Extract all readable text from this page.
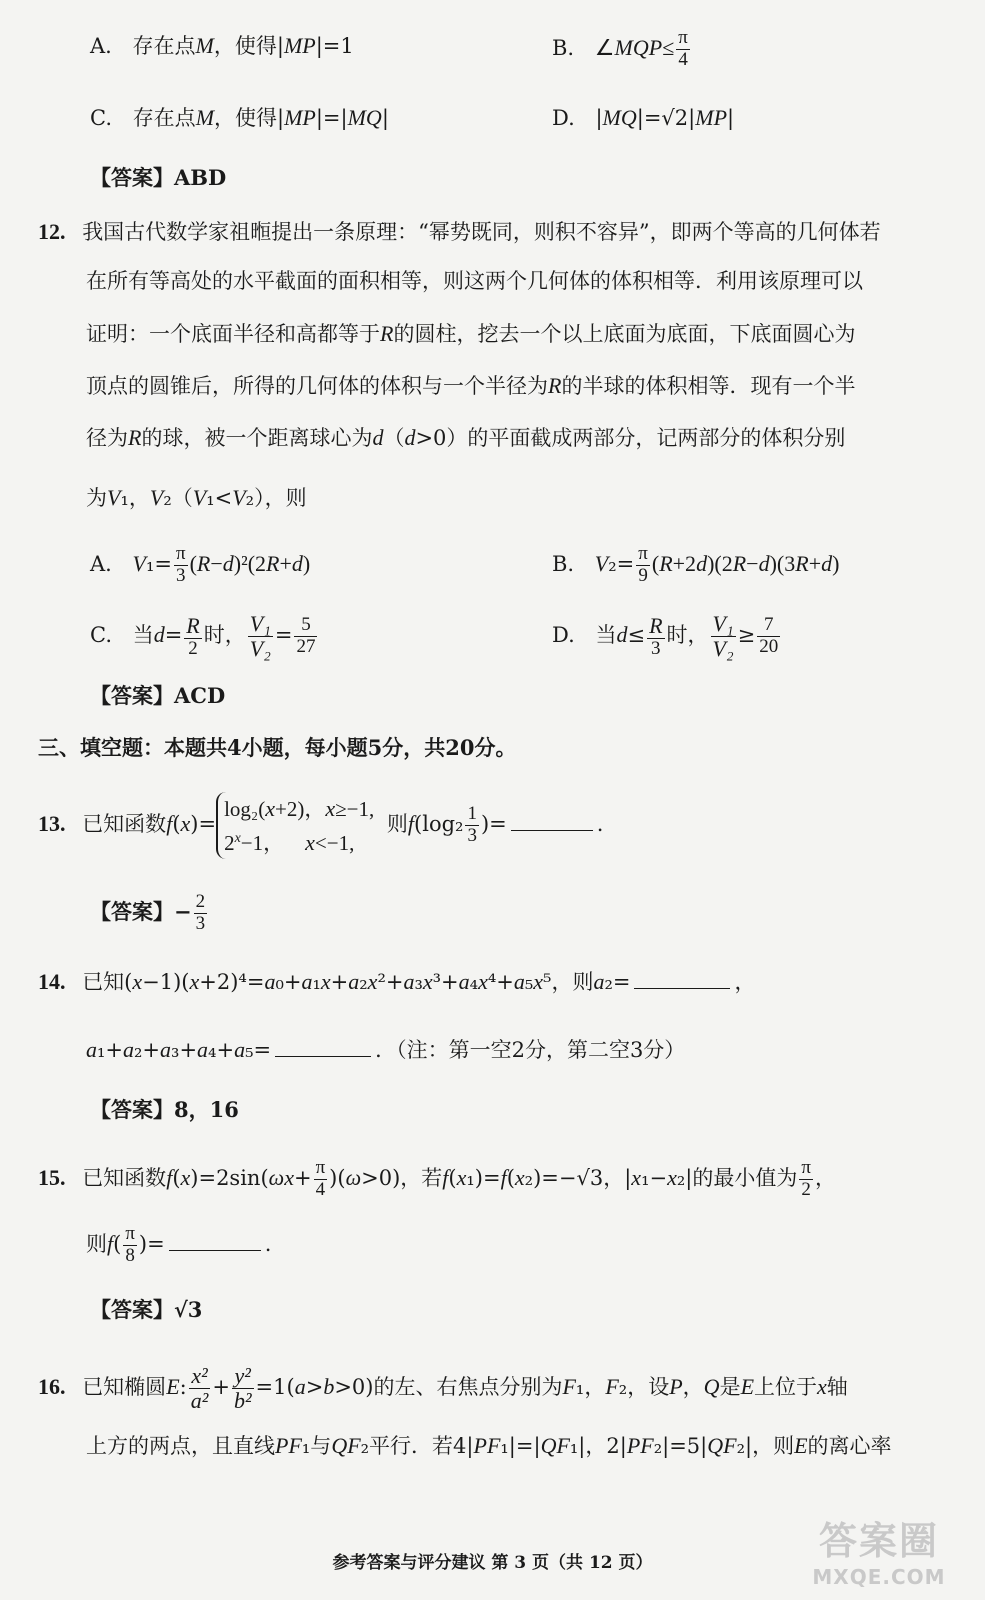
A. 存在点M，使得|MP|=1	B. ∠MQP≤ $\frac{\pi}{4}$
C. 存在点M，使得|MP|=|MQ|	D. |MQ|=√2|MP|
【答案】ABD
12. 我国古代数学家祖暅提出一条原理：“幂势既同，则积不容异”，即两个等高的几何体若
在所有等高处的水平截面的面积相等，则这两个几何体的体积相等．利用该原理可以
证明：一个底面半径和高都等于R的圆柱，挖去一个以上底面为底面，下底面圆心为
顶点的圆锥后，所得的几何体的体积与一个半径为R的半球的体积相等．现有一个半
径为R的球，被一个距离球心为d（d>0）的平面截成两部分，记两部分的体积分别
为V₁，V₂（V₁<V₂），则
A. $V_1= \frac{\pi}{3} (R-d)^2(2R+d)$	B. $V_2= \frac{\pi}{9} (R+2d)(2R-d)(3R+d)$
C. 当$d= \frac{R}{2}$ 时， $\frac{\text{V₁}}{\text{V₂}} = \frac{5}{27}$	D. 当$d\le \frac{R}{3}$ 时， $\frac{\text{V₁}}{\text{V₂}} \ge \frac{7}{20}$
【答案】ACD
三、填空题：本题共4小题，每小题5分，共20分。
13. 已知函数f(x)=
log₂(x+2)，x≥−1,
$2^x-1$，    x<−1,
则$f(\log_2 \frac{1}{3}$ )=	.
【答案】− $\frac{2}{3}$
14. 已知(x−1)(x+2)⁴=a₀+a₁x+a₂x²+a₃x³+a₄x⁴+a₅x⁵，则a₂=	，
a₁+a₂+a₃+a₄+a₅=	．（注：第一空2分，第二空3分）
【答案】8，16
15. 已知函数$f(x)=2\sin(\omega x+ \frac{\pi}{4} )(\omega>0)$，若f(x₁)=f(x₂)=−√3，|x₁−x₂|的最小值为 $\frac{\pi}{2}$ ，
则$f( \frac{\pi}{8}$ )=	.
【答案】√3
16. 已知椭圆E: $\frac{\text{x²}}{\text{a²}} + \frac{\text{y²}}{\text{b²}} =1(a>b>0)$的左、右焦点分别为F₁，F₂，设P，Q是E上位于x轴
上方的两点，且直线PF₁与QF₂平行．若4|PF₁|=|QF₁|，2|PF₂|=5|QF₂|，则E的离心率
参考答案与评分建议 第 3 页（共 12 页）	答案圈
MXQE.COM
